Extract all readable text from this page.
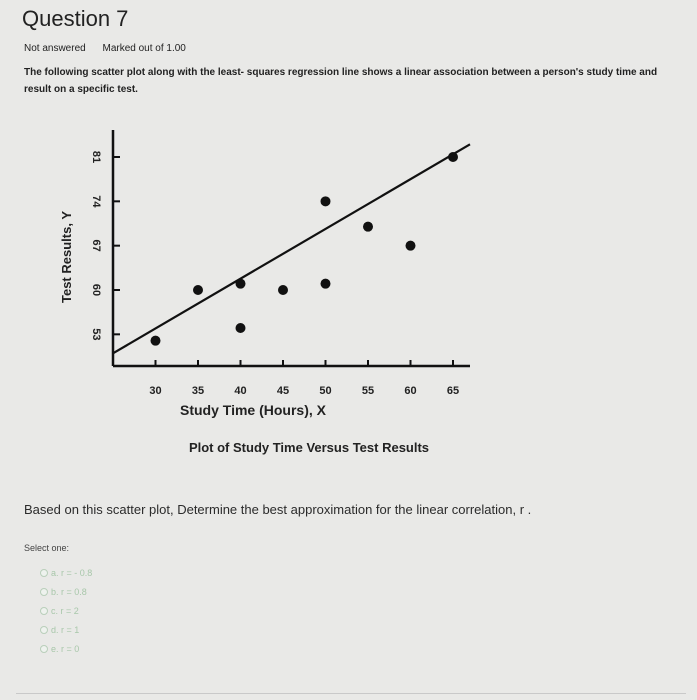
Question 7
Not answered Marked out of 1.00
The following scatter plot along with the least- squares regression line shows a linear association between a person's study time and result on a specific test.
53
60
67
74
81
30	35	40	45	50	55	60	65
Test Results, Y
Study Time (Hours), X
Plot of Study Time Versus Test Results
Based on this scatter plot, Determine the best approximation for the linear correlation, r .
Select one:
a. r = - 0.8
b. r = 0.8
c. r = 2
d. r = 1
e. r = 0
